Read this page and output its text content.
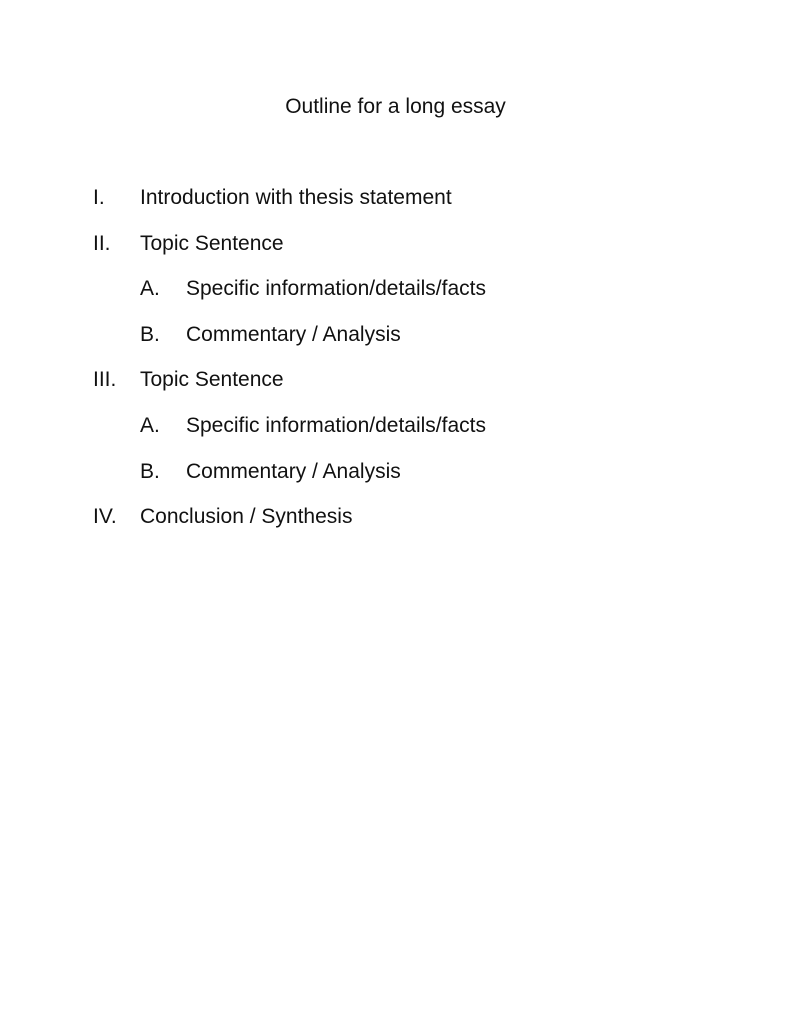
Outline for a long essay
I. Introduction with thesis statement
II. Topic Sentence
A. Specific information/details/facts
B. Commentary / Analysis
III. Topic Sentence
A. Specific information/details/facts
B. Commentary / Analysis
IV. Conclusion / Synthesis
